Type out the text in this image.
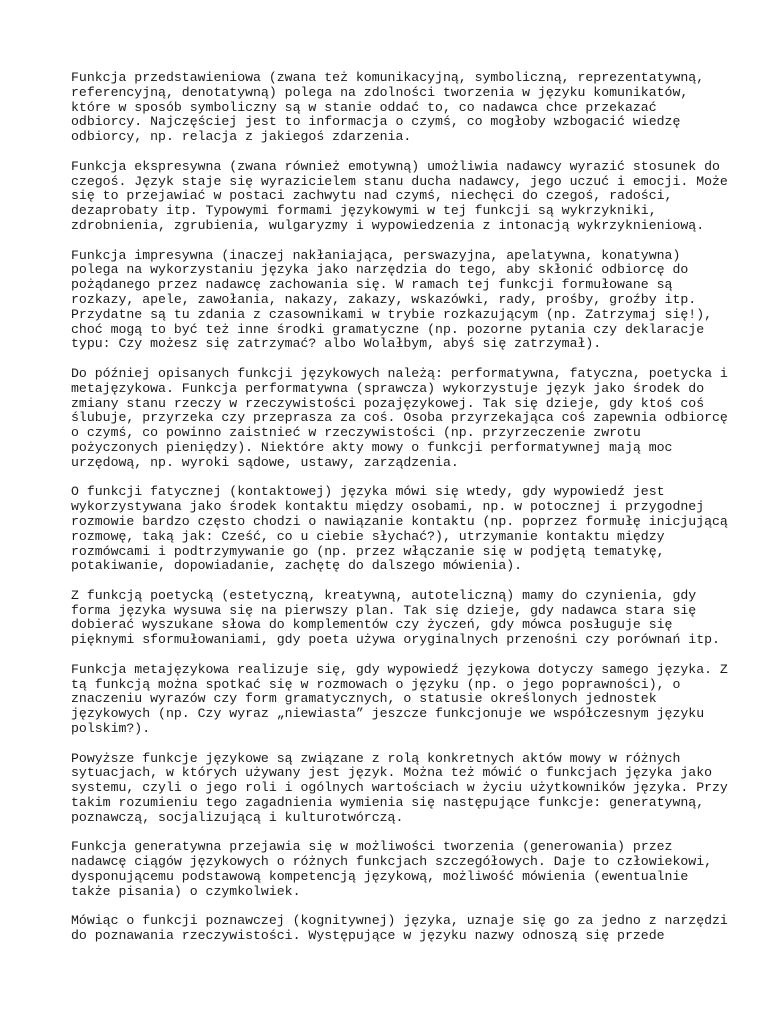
Funkcja przedstawieniowa (zwana też komunikacyjną, symboliczną, reprezentatywną,
referencyjną, denotatywną) polega na zdolności tworzenia w języku komunikatów,
które w sposób symboliczny są w stanie oddać to, co nadawca chce przekazać
odbiorcy. Najczęściej jest to informacja o czymś, co mogłoby wzbogacić wiedzę
odbiorcy, np. relacja z jakiegoś zdarzenia.

Funkcja ekspresywna (zwana również emotywną) umożliwia nadawcy wyrazić stosunek do
czegoś. Język staje się wyrazicielem stanu ducha nadawcy, jego uczuć i emocji. Może
się to przejawiać w postaci zachwytu nad czymś, niechęci do czegoś, radości,
dezaprobaty itp. Typowymi formami językowymi w tej funkcji są wykrzykniki,
zdrobnienia, zgrubienia, wulgaryzmy i wypowiedzenia z intonacją wykrzyknieniową.

Funkcja impresywna (inaczej nakłaniająca, perswazyjna, apelatywna, konatywna)
polega na wykorzystaniu języka jako narzędzia do tego, aby skłonić odbiorcę do
pożądanego przez nadawcę zachowania się. W ramach tej funkcji formułowane są
rozkazy, apele, zawołania, nakazy, zakazy, wskazówki, rady, prośby, groźby itp.
Przydatne są tu zdania z czasownikami w trybie rozkazującym (np. Zatrzymaj się!),
choć mogą to być też inne środki gramatyczne (np. pozorne pytania czy deklaracje
typu: Czy możesz się zatrzymać? albo Wolałbym, abyś się zatrzymał).

Do później opisanych funkcji językowych należą: performatywna, fatyczna, poetycka i
metajęzykowa. Funkcja performatywna (sprawcza) wykorzystuje język jako środek do
zmiany stanu rzeczy w rzeczywistości pozajęzykowej. Tak się dzieje, gdy ktoś coś
ślubuje, przyrzeka czy przeprasza za coś. Osoba przyrzekająca coś zapewnia odbiorcę
o czymś, co powinno zaistnieć w rzeczywistości (np. przyrzeczenie zwrotu
pożyczonych pieniędzy). Niektóre akty mowy o funkcji performatywnej mają moc
urzędową, np. wyroki sądowe, ustawy, zarządzenia.

O funkcji fatycznej (kontaktowej) języka mówi się wtedy, gdy wypowiedź jest
wykorzystywana jako środek kontaktu między osobami, np. w potocznej i przygodnej
rozmowie bardzo często chodzi o nawiązanie kontaktu (np. poprzez formułę inicjującą
rozmowę, taką jak: Cześć, co u ciebie słychać?), utrzymanie kontaktu między
rozmówcami i podtrzymywanie go (np. przez włączanie się w podjętą tematykę,
potakiwanie, dopowiadanie, zachętę do dalszego mówienia).

Z funkcją poetycką (estetyczną, kreatywną, autoteliczną) mamy do czynienia, gdy
forma języka wysuwa się na pierwszy plan. Tak się dzieje, gdy nadawca stara się
dobierać wyszukane słowa do komplementów czy życzeń, gdy mówca posługuje się
pięknymi sformułowaniami, gdy poeta używa oryginalnych przenośni czy porównań itp.

Funkcja metajęzykowa realizuje się, gdy wypowiedź językowa dotyczy samego języka. Z
tą funkcją można spotkać się w rozmowach o języku (np. o jego poprawności), o
znaczeniu wyrazów czy form gramatycznych, o statusie określonych jednostek
językowych (np. Czy wyraz „niewiasta” jeszcze funkcjonuje we współczesnym języku
polskim?).

Powyższe funkcje językowe są związane z rolą konkretnych aktów mowy w różnych
sytuacjach, w których używany jest język. Można też mówić o funkcjach języka jako
systemu, czyli o jego roli i ogólnych wartościach w życiu użytkowników języka. Przy
takim rozumieniu tego zagadnienia wymienia się następujące funkcje: generatywną,
poznawczą, socjalizującą i kulturotwórczą.

Funkcja generatywna przejawia się w możliwości tworzenia (generowania) przez
nadawcę ciągów językowych o różnych funkcjach szczegółowych. Daje to człowiekowi,
dysponującemu podstawową kompetencją językową, możliwość mówienia (ewentualnie
także pisania) o czymkolwiek.

Mówiąc o funkcji poznawczej (kognitywnej) języka, uznaje się go za jedno z narzędzi
do poznawania rzeczywistości. Występujące w języku nazwy odnoszą się przede
